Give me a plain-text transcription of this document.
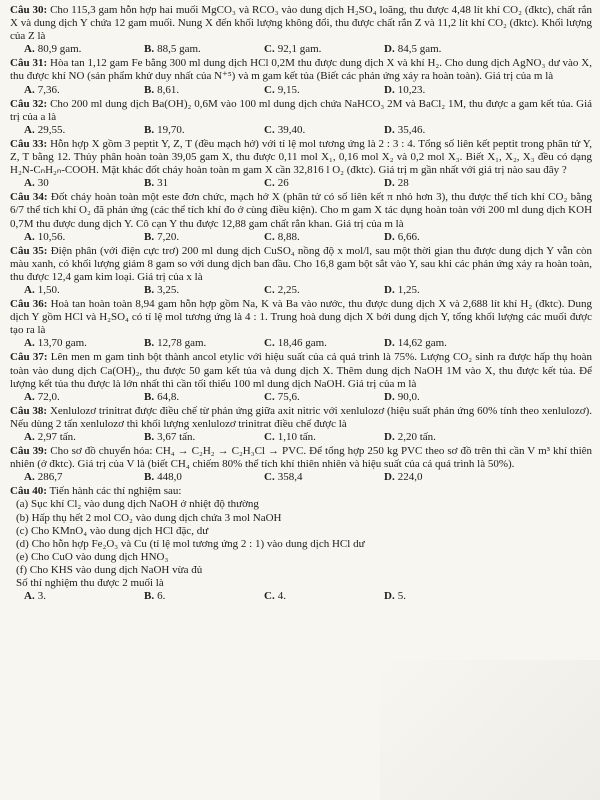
Câu 30: Cho 115,3 gam hỗn hợp hai muối MgCO₃ và RCO₃ vào dung dịch H₂SO₄ loãng, thu được 4,48 lít khí CO₂ (đktc), chất rắn X và dung dịch Y chứa 12 gam muối. Nung X đến khối lượng không đổi, thu được chất rắn Z và 11,2 lít khí CO₂ (đktc). Khối lượng của Z là

A. 80,9 gam.	B. 88,5 gam.	C. 92,1 gam.	D. 84,5 gam.

Câu 31: Hòa tan 1,12 gam Fe bằng 300 ml dung dịch HCl 0,2M thu được dung dịch X và khí H₂. Cho dung dịch AgNO₃ dư vào X, thu được khí NO (sản phẩm khử duy nhất của N⁺⁵) và m gam kết tủa (Biết các phản ứng xảy ra hoàn toàn). Giá trị của m là

A. 7,36.	B. 8,61.	C. 9,15.	D. 10,23.

Câu 32: Cho 200 ml dung dịch Ba(OH)₂ 0,6M vào 100 ml dung dịch chứa NaHCO₃ 2M và BaCl₂ 1M, thu được a gam kết tủa. Giá trị của a là

A. 29,55.	B. 19,70.	C. 39,40.	D. 35,46.

Câu 33: Hỗn hợp X gồm 3 peptit Y, Z, T (đều mạch hở) với tỉ lệ mol tương ứng là 2 : 3 : 4. Tổng số liên kết peptit trong phân tử Y, Z, T bằng 12. Thủy phân hoàn toàn 39,05 gam X, thu được 0,11 mol X₁, 0,16 mol X₂ và 0,2 mol X₃. Biết X₁, X₂, X₃ đều có dạng H₂N-CₙH₂ₙ-COOH. Mặt khác đốt cháy hoàn toàn m gam X cần 32,816 l O₂ (đktc). Giá trị m gần nhất với giá trị nào sau đây ?

A. 30	B. 31	C. 26	D. 28

Câu 34: Đốt cháy hoàn toàn một este đơn chức, mạch hở X (phân tử có số liên kết π nhỏ hơn 3), thu được thể tích khí CO₂ bằng 6/7 thể tích khí O₂ đã phản ứng (các thể tích khí đo ở cùng điều kiện). Cho m gam X tác dụng hoàn toàn với 200 ml dung dịch KOH 0,7M thu được dung dịch Y. Cô cạn Y thu được 12,88 gam chất rắn khan. Giá trị của m là

A. 10,56.	B. 7,20.	C. 8,88.	D. 6,66.

Câu 35: Điện phân (với điện cực trơ) 200 ml dung dịch CuSO₄ nồng độ x mol/l, sau một thời gian thu được dung dịch Y vẫn còn màu xanh, có khối lượng giảm 8 gam so với dung dịch ban đầu. Cho 16,8 gam bột sắt vào Y, sau khi các phản ứng xảy ra hoàn toàn, thu được 12,4 gam kim loại. Giá trị của x là

A. 1,50.	B. 3,25.	C. 2,25.	D. 1,25.

Câu 36: Hoà tan hoàn toàn 8,94 gam hỗn hợp gồm Na, K và Ba vào nước, thu được dung dịch X và 2,688 lít khí H₂ (đktc). Dung dịch Y gồm HCl và H₂SO₄ có tỉ lệ mol tương ứng là 4 : 1. Trung hoà dung dịch X bởi dung dịch Y, tổng khối lượng các muối được tạo ra là

A. 13,70 gam.	B. 12,78 gam.	C. 18,46 gam.	D. 14,62 gam.

Câu 37: Lên men m gam tinh bột thành ancol etylic với hiệu suất của cả quá trình là 75%. Lượng CO₂ sinh ra được hấp thụ hoàn toàn vào dung dịch Ca(OH)₂, thu được 50 gam kết tủa và dung dịch X. Thêm dung dịch NaOH 1M vào X, thu được kết tủa. Để lượng kết tủa thu được là lớn nhất thì cần tối thiểu 100 ml dung dịch NaOH. Giá trị của m là

A. 72,0.	B. 64,8.	C. 75,6.	D. 90,0.

Câu 38: Xenlulozơ trinitrat được điều chế từ phản ứng giữa axit nitric với xenlulozơ (hiệu suất phản ứng 60% tính theo xenlulozơ). Nếu dùng 2 tấn xenlulozơ thì khối lượng xenlulozơ trinitrat điều chế được là

A. 2,97 tấn.	B. 3,67 tấn.	C. 1,10 tấn.	D. 2,20 tấn.

Câu 39: Cho sơ đồ chuyển hóa: CH₄ → C₂H₂ → C₂H₃Cl → PVC. Để tổng hợp 250 kg PVC theo sơ đồ trên thì cần V m³ khí thiên nhiên (ở đktc). Giá trị của V là (biết CH₄ chiếm 80% thể tích khí thiên nhiên và hiệu suất của cả quá trình là 50%).

A. 286,7	B. 448,0	C. 358,4	D. 224,0

Câu 40: Tiến hành các thí nghiệm sau:

(a) Sục khí Cl₂ vào dung dịch NaOH ở nhiệt độ thường

(b) Hấp thụ hết 2 mol CO₂ vào dung dịch chứa 3 mol NaOH

(c) Cho KMnO₄ vào dung dịch HCl đặc, dư

(d) Cho hỗn hợp Fe₂O₃ và Cu (tỉ lệ mol tương ứng 2 : 1) vào dung dịch HCl dư

(e) Cho CuO vào dung dịch HNO₃

(f) Cho KHS vào dung dịch NaOH vừa đủ

Số thí nghiệm thu được 2 muối là

A. 3.	B. 6.	C. 4.	D. 5.
